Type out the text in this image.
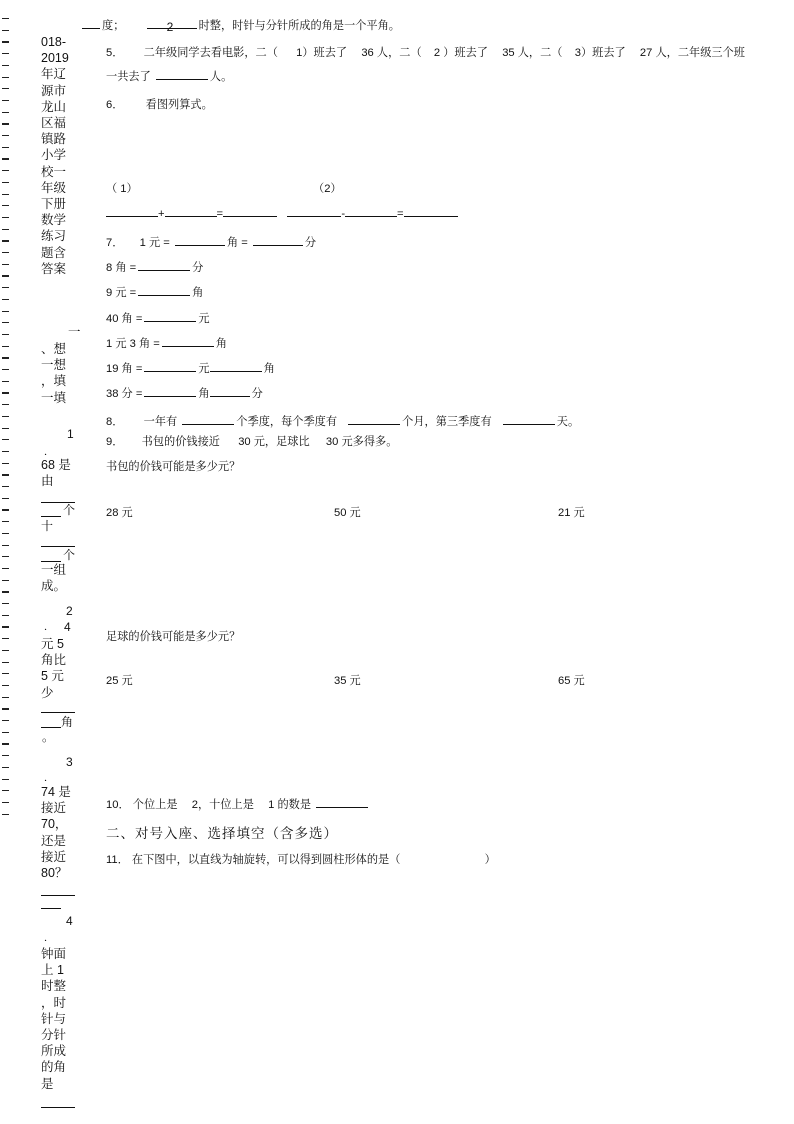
018-
2019
年辽
源市
龙山
区福
镇路
小学
校一
年级
下册
数学
练习
题含
答案
一
、想
一想
，填
一填
1
．
68 是
由
个
十
个
一组
成。
2
． 4
元 5
角比
5 元
少
角
。
3
．
74 是
接近
70，
还是
接近
80？
4
．
钟面
上 1
时整
，时
针与
分针
所成
的角
是
度；	2 时整，时针与分针所成的角是一个平角。
5． 二年级同学去看电影，二（ 1）班去了 36 人，二（ 2 ）班去了 35 人，二（ 3）班去了 27 人，二年级三个班
一共去了	人。
6． 看图列算式。
（ 1）	（2）
+	=	-	=
7． 1 元 =	角 =	分
8 角 =	分
9 元 =	角
40 角 =	元
1 元 3 角 =	角
19 角 =	元	角
38 分 =	角	分
8． 一年有	个季度，每个季度有	个月，第三季度有	天。
9． 书包的价钱接近 30 元，足球比 30 元多得多。
书包的价钱可能是多少元？
28 元	50 元	21 元
足球的价钱可能是多少元？
25 元	35 元	65 元
10． 个位上是 2，十位上是 1 的数是
二、对号入座、选择填空（含多选）
11． 在下图中，以直线为轴旋转，可以得到圆柱形体的是（	）
